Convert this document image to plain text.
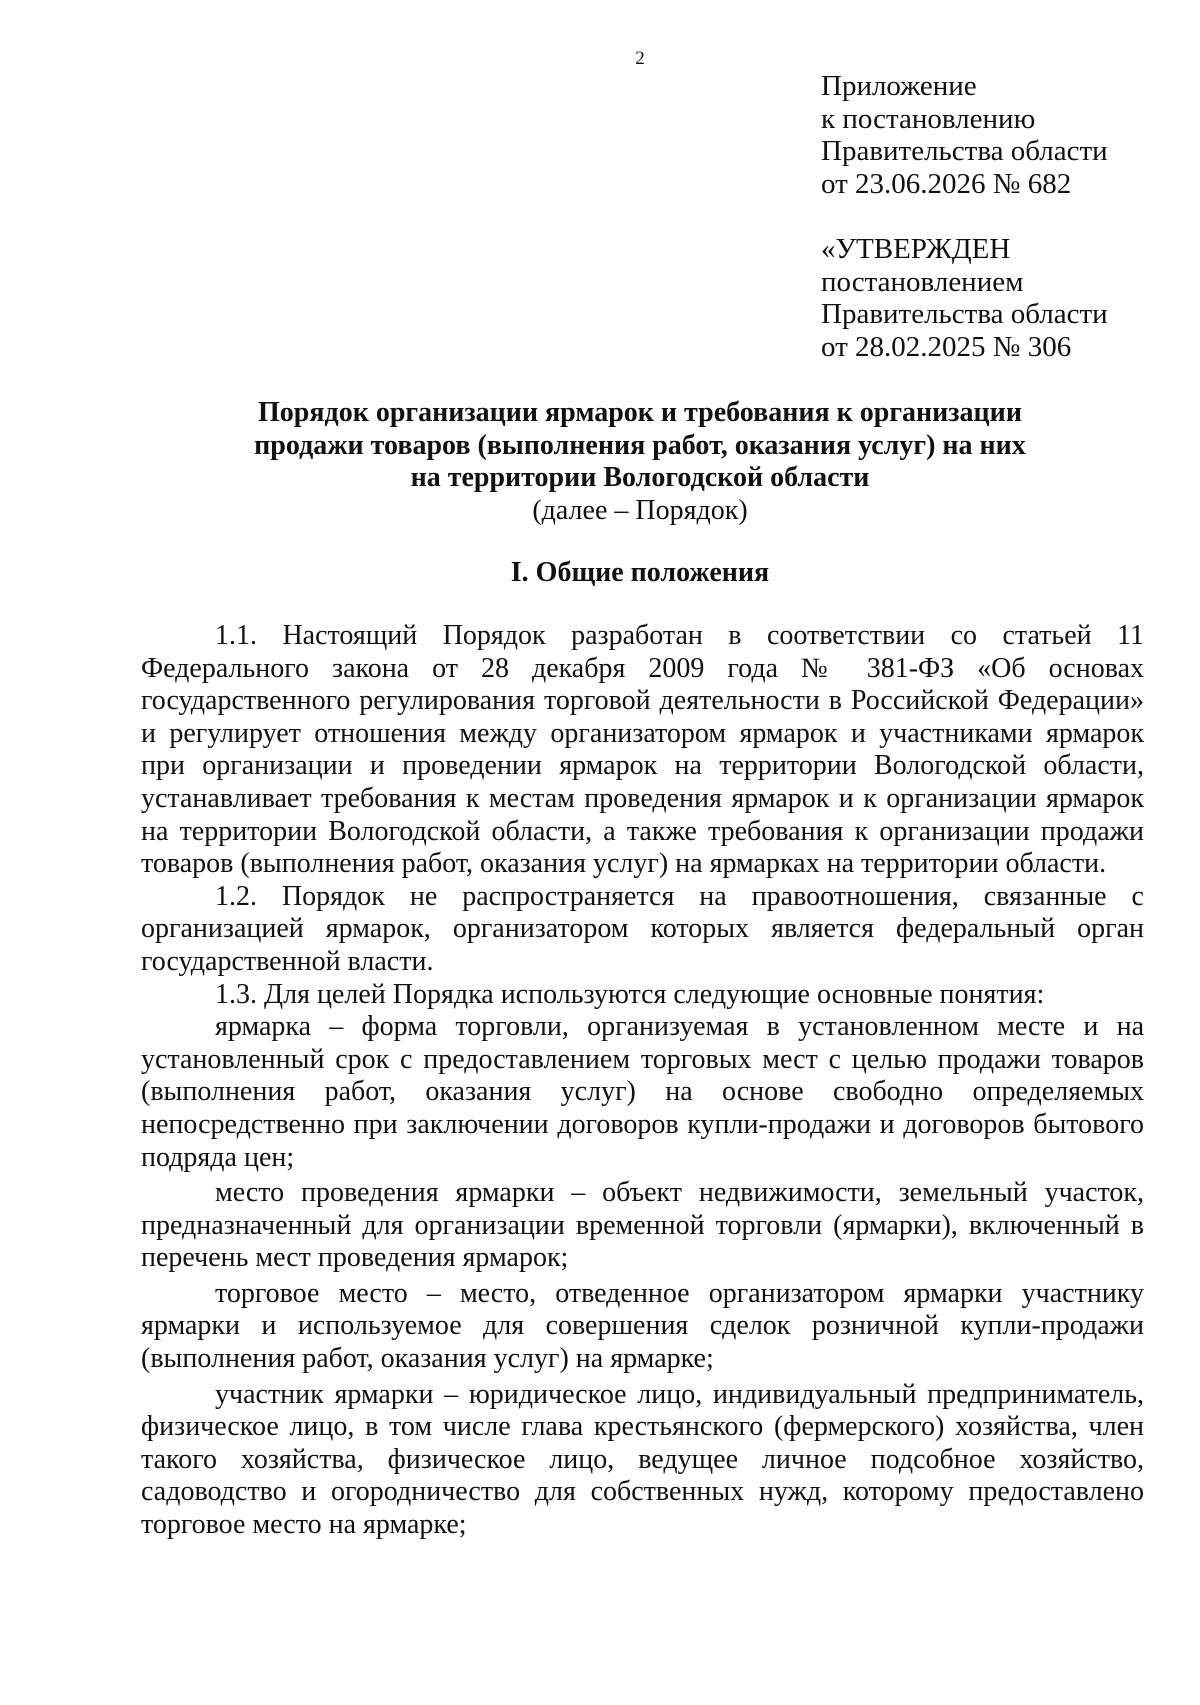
2
Приложение
к постановлению
Правительства области
от 23.06.2026 № 682
«УТВЕРЖДЕН
постановлением
Правительства области
от 28.02.2025 № 306
Порядок организации ярмарок и требования к организации
продажи товаров (выполнения работ, оказания услуг) на них
на территории Вологодской области
(далее – Порядок)
I. Общие положения

1.1. Настоящий Порядок разработан в соответствии со статьей 11 Федерального закона от 28 декабря 2009 года № 381-ФЗ «Об основах государственного регулирования торговой деятельности в Российской Федерации» и регулирует отношения между организатором ярмарок и участниками ярмарок при организации и проведении ярмарок на территории Вологодской области, устанавливает требования к местам проведения ярмарок и к организации ярмарок на территории Вологодской области, а также требования к организации продажи товаров (выполнения работ, оказания услуг) на ярмарках на территории области.

1.2. Порядок не распространяется на правоотношения, связанные с организацией ярмарок, организатором которых является федеральный орган государственной власти.

1.3. Для целей Порядка используются следующие основные понятия:

ярмарка – форма торговли, организуемая в установленном месте и на установленный срок с предоставлением торговых мест с целью продажи товаров (выполнения работ, оказания услуг) на основе свободно определяемых непосредственно при заключении договоров купли-продажи и договоров бытового подряда цен;

место проведения ярмарки – объект недвижимости, земельный участок, предназначенный для организации временной торговли (ярмарки), включенный в перечень мест проведения ярмарок;

торговое место – место, отведенное организатором ярмарки участнику ярмарки и используемое для совершения сделок розничной купли-продажи (выполнения работ, оказания услуг) на ярмарке;

участник ярмарки – юридическое лицо, индивидуальный предприниматель, физическое лицо, в том числе глава крестьянского (фермерского) хозяйства, член такого хозяйства, физическое лицо, ведущее личное подсобное хозяйство, садоводство и огородничество для собственных нужд, которому предоставлено торговое место на ярмарке;
